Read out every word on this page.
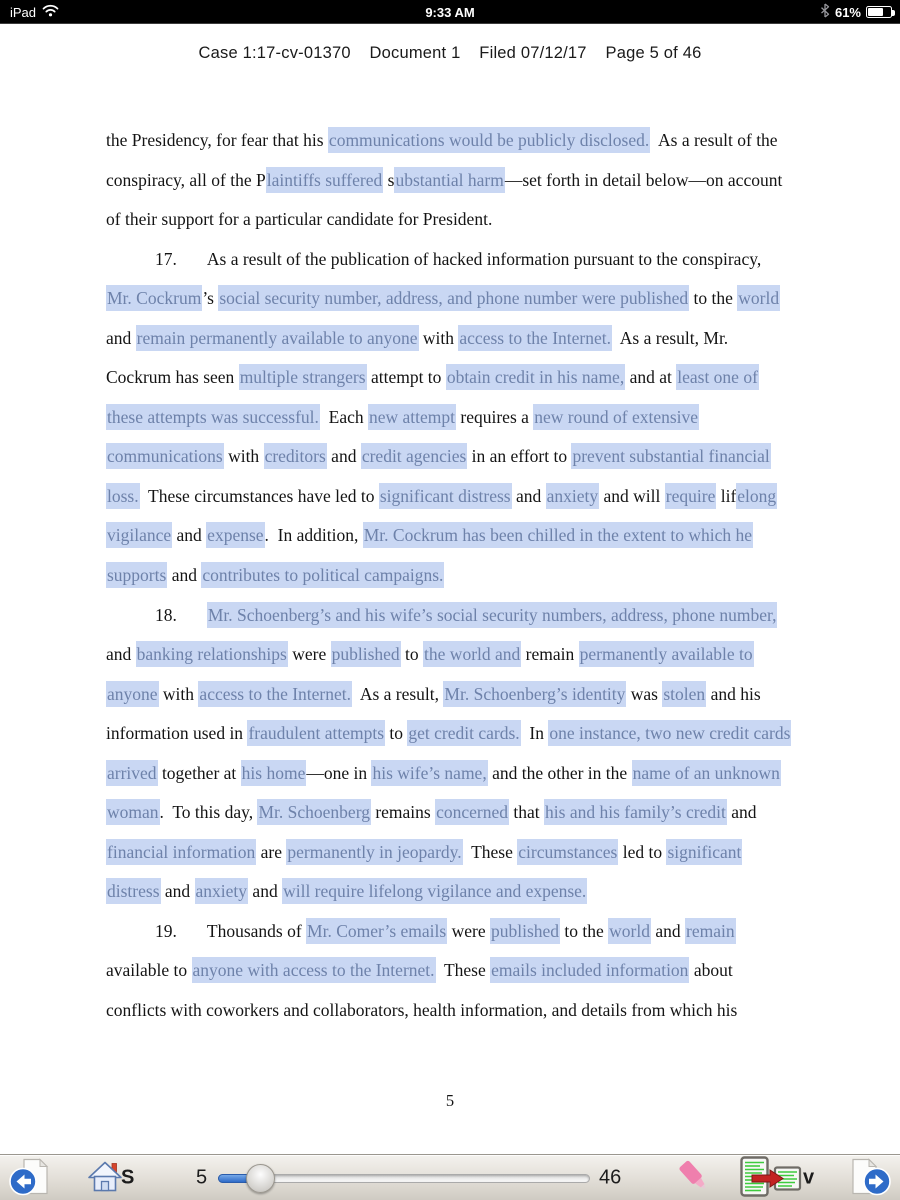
iPad	9:33 AM	61%
Case 1:17-cv-01370 Document 1 Filed 07/12/17 Page 5 of 46
the Presidency, for fear that his communications would be publicly disclosed.  As a result of the
conspiracy, all of the Plaintiffs suffered substantial harm—set forth in detail below—on account
of their support for a particular candidate for President.
17. As a result of the publication of hacked information pursuant to the conspiracy,
Mr. Cockrum’s social security number, address, and phone number were published to the world
and remain permanently available to anyone with access to the Internet.  As a result, Mr.
Cockrum has seen multiple strangers attempt to obtain credit in his name, and at least one of
these attempts was successful.  Each new attempt requires a new round of extensive
communications with creditors and credit agencies in an effort to prevent substantial financial
loss.  These circumstances have led to significant distress and anxiety and will require lifelong
vigilance and expense.  In addition, Mr. Cockrum has been chilled in the extent to which he
supports and contributes to political campaigns.
18. Mr. Schoenberg’s and his wife’s social security numbers, address, phone number,
and banking relationships were published to the world and remain permanently available to
anyone with access to the Internet.  As a result, Mr. Schoenberg’s identity was stolen and his
information used in fraudulent attempts to get credit cards.  In one instance, two new credit cards
arrived together at his home—one in his wife’s name, and the other in the name of an unknown
woman.  To this day, Mr. Schoenberg remains concerned that his and his family’s credit and
financial information are permanently in jeopardy.  These circumstances led to significant
distress and anxiety and will require lifelong vigilance and expense.
19. Thousands of Mr. Comer’s emails were published to the world and remain
available to anyone with access to the Internet.  These emails included information about
conflicts with coworkers and collaborators, health information, and details from which his
5
S	5	46	v
